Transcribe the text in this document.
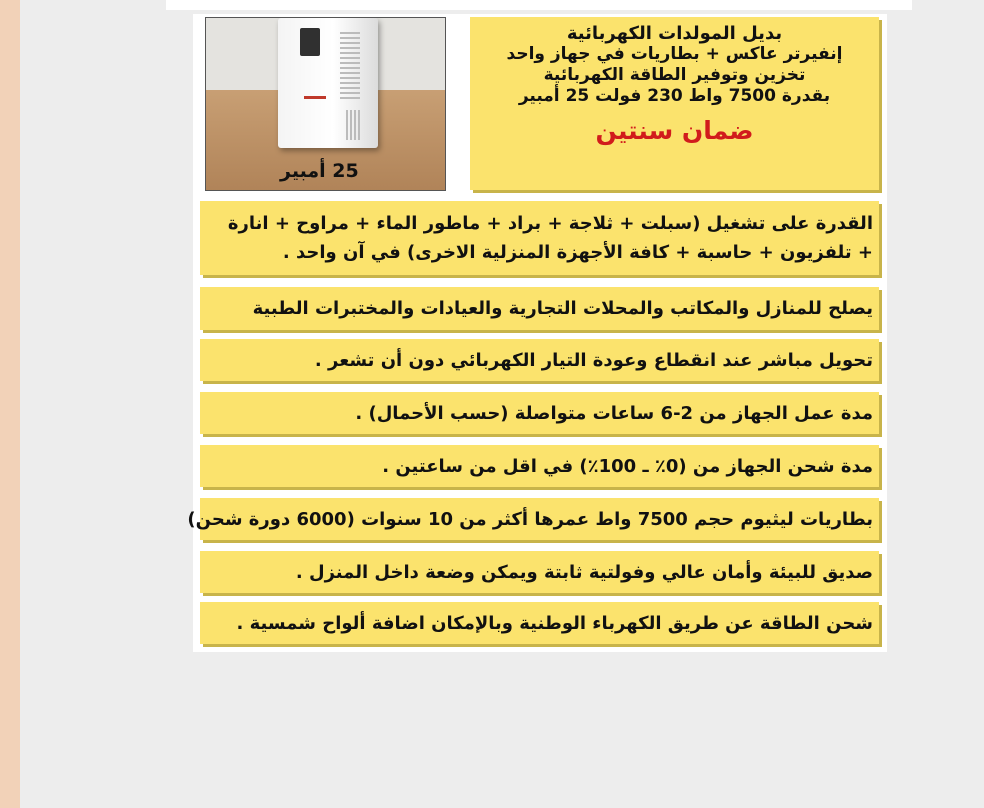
25 أمبير
بديل المولدات الكهربائية
إنفيرتر عاكس + بطاريات في جهاز واحد
تخزين وتوفير الطاقة الكهربائية
بقدرة 7500 واط 230 فولت 25 أمبير
ضمان سنتين
القدرة على تشغيل (سبلت + ثلاجة + براد + ماطور الماء + مراوح + انارة
+ تلفزيون + حاسبة + كافة الأجهزة المنزلية الاخرى) في آن واحد .
يصلح للمنازل والمكاتب والمحلات التجارية والعيادات والمختبرات الطبية
تحويل مباشر عند انقطاع وعودة التيار الكهربائي دون أن تشعر .
مدة عمل الجهاز من 2-6 ساعات متواصلة (حسب الأحمال) .
مدة شحن الجهاز من (0٪ ـ 100٪) في اقل من ساعتين .
بطاريات ليثيوم حجم 7500 واط عمرها أكثر من 10 سنوات (6000 دورة شحن)
صديق للبيئة وأمان عالي وفولتية ثابتة ويمكن وضعة داخل المنزل .
شحن الطاقة عن طريق الكهرباء الوطنية وبالإمكان اضافة ألواح شمسية .
